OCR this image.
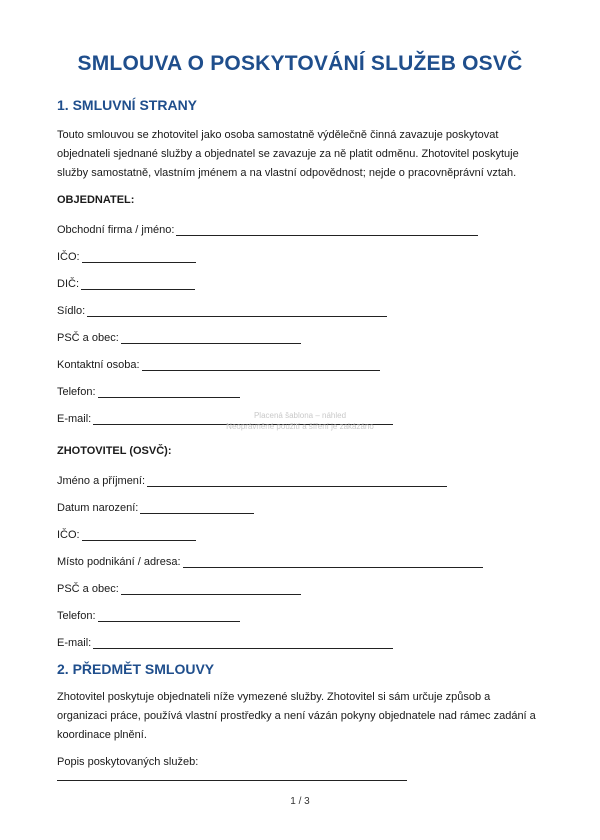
SMLOUVA O POSKYTOVÁNÍ SLUŽEB OSVČ
1. SMLUVNÍ STRANY
Touto smlouvou se zhotovitel jako osoba samostatně výdělečně činná zavazuje poskytovat
objednateli sjednané služby a objednatel se zavazuje za ně platit odměnu. Zhotovitel poskytuje
služby samostatně, vlastním jménem a na vlastní odpovědnost; nejde o pracovněprávní vztah.
OBJEDNATEL:
Obchodní firma / jméno:
IČO:
DIČ:
Sídlo:
PSČ a obec:
Kontaktní osoba:
Telefon:
E-mail:	Placená šablona – náhled
Neoprávněné použití a šíření je zakázáno
ZHOTOVITEL (OSVČ):
Jméno a příjmení:
Datum narození:
IČO:
Místo podnikání / adresa:
PSČ a obec:
Telefon:
E-mail:
2. PŘEDMĚT SMLOUVY
Zhotovitel poskytuje objednateli níže vymezené služby. Zhotovitel si sám určuje způsob a
organizaci práce, používá vlastní prostředky a není vázán pokyny objednatele nad rámec zadání a
koordinace plnění.
Popis poskytovaných služeb:
1 / 3
